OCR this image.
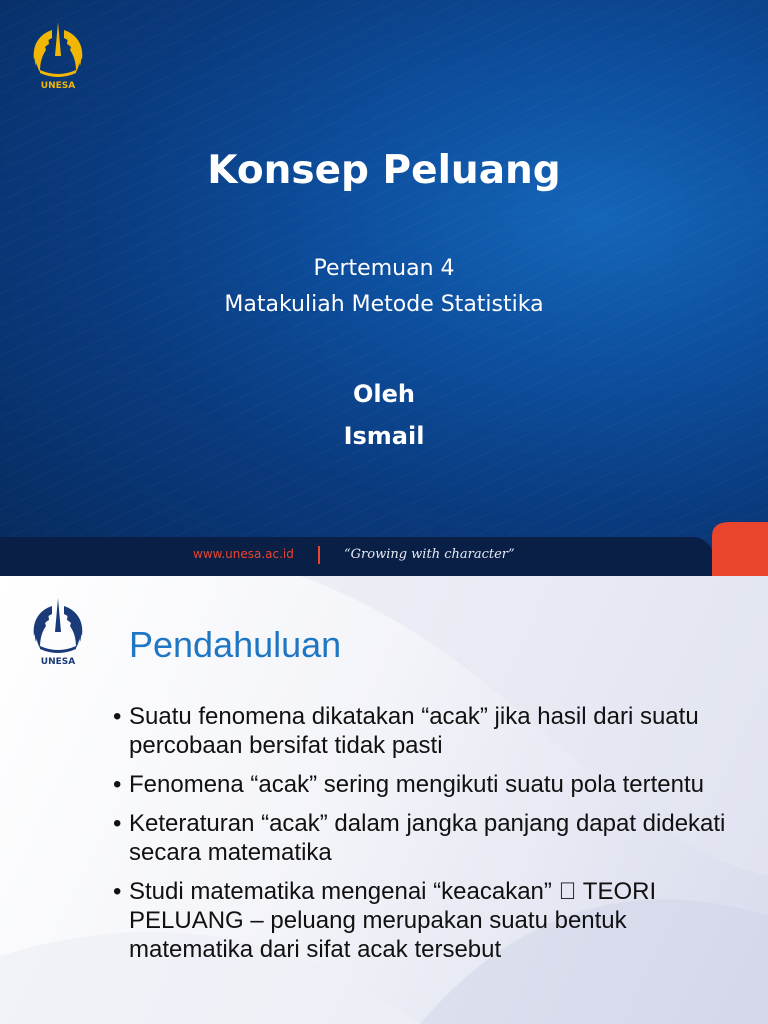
UNESA
Konsep Peluang
Pertemuan 4
Matakuliah Metode Statistika
Oleh
Ismail
www.unesa.ac.id	“Growing with character”
UNESA Pendahuluan
• Suatu fenomena dikatakan “acak” jika hasil dari suatu percobaan bersifat tidak pasti
• Fenomena “acak” sering mengikuti suatu pola tertentu
• Keteraturan “acak” dalam jangka panjang dapat didekati secara matematika
• Studi matematika mengenai “keacakan”   TEORI PELUANG – peluang merupakan suatu bentuk matematika dari sifat acak tersebut
